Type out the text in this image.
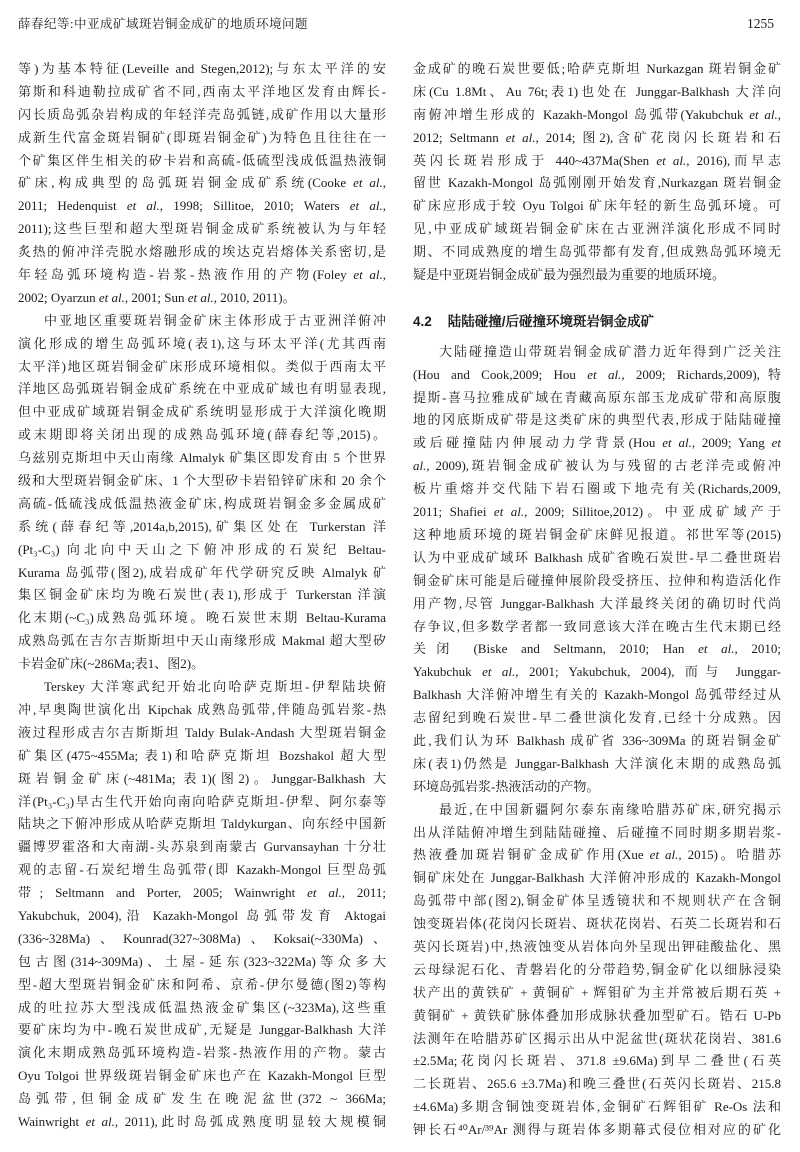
薛春纪等:中亚成矿域斑岩铜金成矿的地质环境问题	1255
等)为基本特征(Leveille and Stegen,2012);与东太平洋的安
第斯和科迪勒拉成矿省不同,西南太平洋地区发育由辉长-
闪长质岛弧杂岩构成的年轻洋壳岛弧链,成矿作用以大量形
成新生代富金斑岩铜矿(即斑岩铜金矿)为特色且往往在一
个矿集区伴生相关的矽卡岩和高硫-低硫型浅成低温热液铜
矿床,构成典型的岛弧斑岩铜金成矿系统(Cooke et al.,
2011; Hedenquist et al., 1998; Sillitoe, 2010; Waters et al.,
2011);这些巨型和超大型斑岩铜金成矿系统被认为与年轻
炙热的俯冲洋壳脱水熔融形成的埃达克岩熔体关系密切,是
年轻岛弧环境构造-岩浆-热液作用的产物(Foley et al.,
2002; Oyarzun et al., 2001; Sun et al., 2010, 2011)。
中亚地区重要斑岩铜金矿床主体形成于古亚洲洋俯冲
演化形成的增生岛弧环境(表1),这与环太平洋(尤其西南
太平洋)地区斑岩铜金矿床形成环境相似。类似于西南太平
洋地区岛弧斑岩铜金成矿系统在中亚成矿域也有明显表现,
但中亚成矿域斑岩铜金成矿系统明显形成于大洋演化晚期
或末期即将关闭出现的成熟岛弧环境(薛春纪等,2015)。
乌兹别克斯坦中天山南缘 Almalyk 矿集区即发育由 5 个世界
级和大型斑岩铜金矿床、1 个大型矽卡岩铅锌矿床和 20 余个
高硫-低硫浅成低温热液金矿床,构成斑岩铜金多金属成矿
系统(薛春纪等,2014a,b,2015),矿集区处在 Turkerstan 洋
(Pt₃-C₃) 向北向中天山之下俯冲形成的石炭纪 Beltau-
Kurama 岛弧带(图2),成岩成矿年代学研究反映 Almalyk 矿
集区铜金矿床均为晚石炭世(表1),形成于 Turkerstan 洋演
化末期(~C₃)成熟岛弧环境。晚石炭世末期 Beltau-Kurama
成熟岛弧在吉尔吉斯斯坦中天山南缘形成 Makmal 超大型矽
卡岩金矿床(~286Ma;表1、图2)。
Terskey 大洋寒武纪开始北向哈萨克斯坦-伊犁陆块俯
冲,早奥陶世演化出 Kipchak 成熟岛弧带,伴随岛弧岩浆-热
液过程形成吉尔吉斯斯坦 Taldy Bulak-Andash 大型斑岩铜金
矿集区(475~455Ma; 表1)和哈萨克斯坦 Bozshakol 超大型
斑岩铜金矿床(~481Ma; 表1)(图2)。Junggar-Balkhash 大
洋(Pt₃-C₃)早古生代开始向南向哈萨克斯坦-伊犁、阿尔泰等
陆块之下俯冲形成从哈萨克斯坦 Taldykurgan、向东经中国新
疆博罗霍洛和大南湖-头苏泉到南蒙古 Gurvansayhan 十分壮
观的志留-石炭纪增生岛弧带(即 Kazakh-Mongol 巨型岛弧
带; Seltmann and Porter, 2005; Wainwright et al., 2011;
Yakubchuk, 2004),沿 Kazakh-Mongol 岛弧带发育 Aktogai
(336~328Ma)、Kounrad(327~308Ma)、Koksai(~330Ma)、
包古图(314~309Ma)、土屋-延东(323~322Ma)等众多大
型-超大型斑岩铜金矿床和阿希、京希-伊尔曼德(图2)等构
成的吐拉苏大型浅成低温热液金矿集区(~323Ma),这些重
要矿床均为中-晚石炭世成矿,无疑是 Junggar-Balkhash 大洋
演化末期成熟岛弧环境构造-岩浆-热液作用的产物。蒙古
Oyu Tolgoi 世界级斑岩铜金矿床也产在 Kazakh-Mongol 巨型
岛弧带,但铜金成矿发生在晚泥盆世(372 ~ 366Ma;
Wainwright et al., 2011),此时岛弧成熟度明显较大规模铜
金成矿的晚石炭世要低;哈萨克斯坦 Nurkazgan 斑岩铜金矿
床(Cu 1.8Mt、Au 76t;表1)也处在 Junggar-Balkhash 大洋向
南俯冲增生形成的 Kazakh-Mongol 岛弧带(Yakubchuk et al.,
2012; Seltmann et al., 2014; 图2),含矿花岗闪长斑岩和石
英闪长斑岩形成于 440~437Ma(Shen et al., 2016),而早志
留世 Kazakh-Mongol 岛弧刚刚开始发育,Nurkazgan 斑岩铜金
矿床应形成于较 Oyu Tolgoi 矿床年轻的新生岛弧环境。可
见,中亚成矿域斑岩铜金矿床在古亚洲洋演化形成不同时
期、不同成熟度的增生岛弧带都有发育,但成熟岛弧环境无
疑是中亚斑岩铜金成矿最为强烈最为重要的地质环境。
4.2 陆陆碰撞/后碰撞环境斑岩铜金成矿
大陆碰撞造山带斑岩铜金成矿潜力近年得到广泛关注
(Hou and Cook,2009; Hou et al., 2009; Richards,2009),特
提斯-喜马拉雅成矿域在青藏高原东部玉龙成矿带和高原腹
地的冈底斯成矿带是这类矿床的典型代表,形成于陆陆碰撞
或后碰撞陆内伸展动力学背景(Hou et al., 2009; Yang et
al., 2009),斑岩铜金成矿被认为与残留的古老洋壳或俯冲
板片重熔并交代陆下岩石圈或下地壳有关(Richards,2009,
2011; Shafiei et al., 2009; Sillitoe,2012)。中亚成矿域产于
这种地质环境的斑岩铜金矿床鲜见报道。祁世军等(2015)
认为中亚成矿域环 Balkhash 成矿省晚石炭世-早二叠世斑岩
铜金矿床可能是后碰撞伸展阶段受挤压、拉伸和构造活化作
用产物,尽管 Junggar-Balkhash 大洋最终关闭的确切时代尚
存争议,但多数学者都一致同意该大洋在晚古生代末期已经
关闭 (Biske and Seltmann, 2010; Han et al., 2010;
Yakubchuk et al., 2001; Yakubchuk, 2004), 而与 Junggar-
Balkhash 大洋俯冲增生有关的 Kazakh-Mongol 岛弧带经过从
志留纪到晚石炭世-早二叠世演化发育,已经十分成熟。因
此,我们认为环 Balkhash 成矿省 336~309Ma 的斑岩铜金矿
床(表1)仍然是 Junggar-Balkhash 大洋演化末期的成熟岛弧
环境岛弧岩浆-热液活动的产物。
最近,在中国新疆阿尔泰东南缘哈腊苏矿床,研究揭示
出从洋陆俯冲增生到陆陆碰撞、后碰撞不同时期多期岩浆-
热液叠加斑岩铜矿金成矿作用(Xue et al., 2015)。哈腊苏
铜矿床处在 Junggar-Balkhash 大洋俯冲形成的 Kazakh-Mongol
岛弧带中部(图2),铜金矿体呈透镜状和不规则状产在含铜
蚀变斑岩体(花岗闪长斑岩、斑状花岗岩、石英二长斑岩和石
英闪长斑岩)中,热液蚀变从岩体向外呈现出钾硅酸盐化、黑
云母绿泥石化、青磐岩化的分带趋势,铜金矿化以细脉浸染
状产出的黄铁矿 + 黄铜矿 + 辉钼矿为主并常被后期石英 +
黄铜矿 + 黄铁矿脉体叠加形成脉状叠加型矿石。锆石 U-Pb
法测年在哈腊苏矿区揭示出从中泥盆世(斑状花岗岩、381.6
±2.5Ma;花岗闪长斑岩、371.8 ±9.6Ma)到早二叠世(石英
二长斑岩、265.6 ±3.7Ma)和晚三叠世(石英闪长斑岩、215.8
±4.6Ma)多期含铜蚀变斑岩体,金铜矿石辉钼矿 Re-Os 法和
钾长石⁴⁰Ar/³⁹Ar 测得与斑岩体多期幕式侵位相对应的矿化
